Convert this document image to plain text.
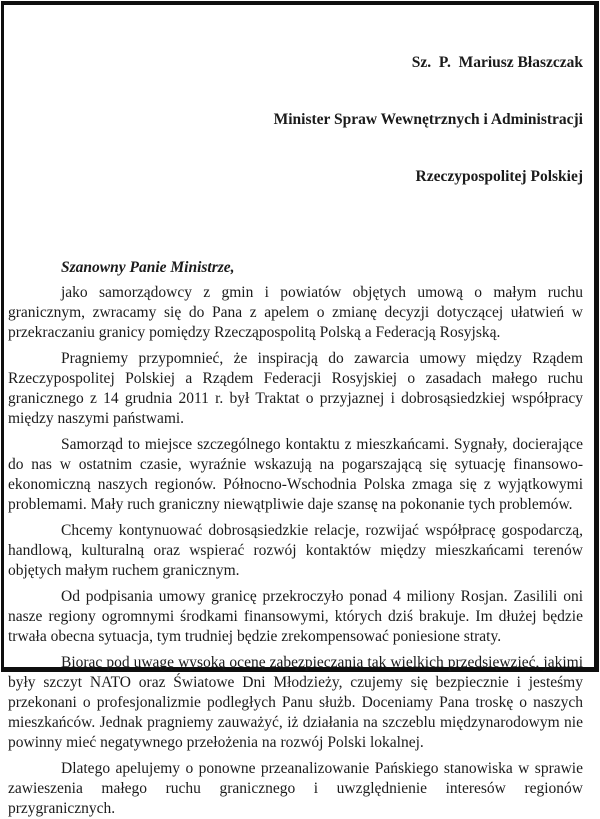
Sz.  P.  Mariusz Błaszczak

Minister Spraw Wewnętrznych i Administracji

Rzeczypospolitej Polskiej

Szanowny Panie Ministrze,

jako samorządowcy z gmin i powiatów objętych umową o małym ruchu granicznym, zwracamy się do Pana z apelem o zmianę decyzji dotyczącej ułatwień w przekraczaniu granicy pomiędzy Rzecząpospolitą Polską a Federacją Rosyjską.

Pragniemy przypomnieć, że inspiracją do zawarcia umowy między Rządem Rzeczypospolitej Polskiej a Rządem Federacji Rosyjskiej o zasadach małego ruchu granicznego z 14 grudnia 2011 r. był Traktat o przyjaznej i dobrosąsiedzkiej współpracy między naszymi państwami.

Samorząd to miejsce szczególnego kontaktu z mieszkańcami. Sygnały, docierające do nas w ostatnim czasie, wyraźnie wskazują na pogarszającą się sytuację finansowo-ekonomiczną naszych regionów. Północno-Wschodnia Polska zmaga się z wyjątkowymi problemami. Mały ruch graniczny niewątpliwie daje szansę na pokonanie tych problemów.

Chcemy kontynuować dobrosąsiedzkie relacje, rozwijać współpracę gospodarczą, handlową, kulturalną oraz wspierać rozwój kontaktów między mieszkańcami terenów objętych małym ruchem granicznym.

Od podpisania umowy granicę przekroczyło ponad 4 miliony Rosjan. Zasilili oni nasze regiony ogromnymi środkami finansowymi, których dziś brakuje. Im dłużej będzie trwała obecna sytuacja, tym trudniej będzie zrekompensować poniesione straty.

Biorąc pod uwagę wysoką ocenę zabezpieczania tak wielkich przedsięwzięć, jakimi były szczyt NATO oraz Światowe Dni Młodzieży, czujemy się bezpiecznie i jesteśmy przekonani o profesjonalizmie podległych Panu służb. Doceniamy Pana troskę o naszych mieszkańców. Jednak pragniemy zauważyć, iż działania na szczeblu międzynarodowym nie powinny mieć negatywnego przełożenia na rozwój Polski lokalnej.

Dlatego apelujemy o ponowne przeanalizowanie Pańskiego stanowiska w sprawie zawieszenia małego ruchu granicznego i uwzględnienie interesów regionów przygranicznych.
